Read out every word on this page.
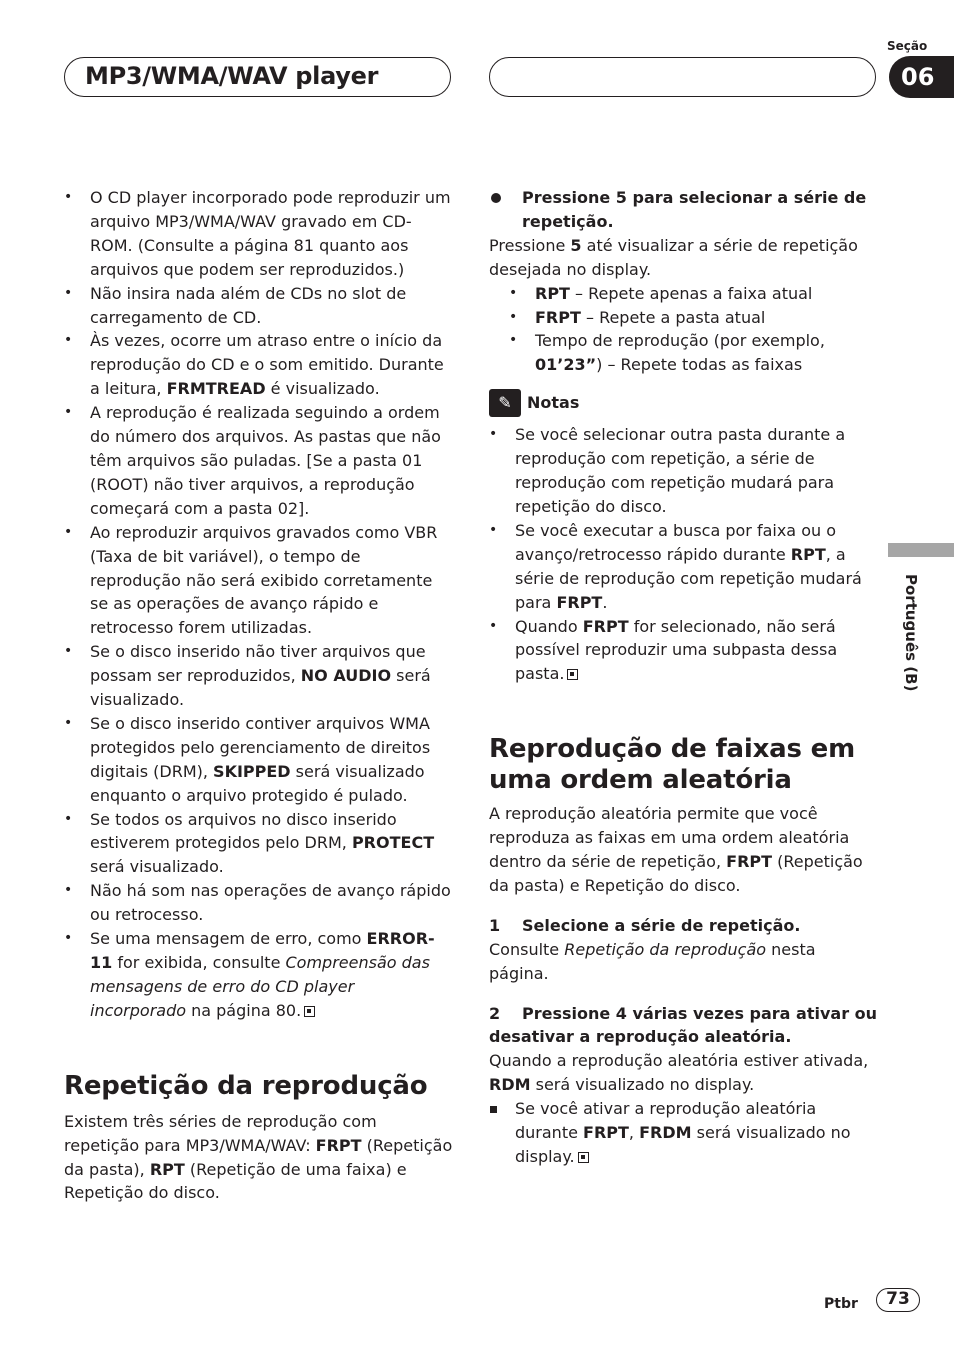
MP3/WMA/WAV player
Seção
06
Português (B)
• O CD player incorporado pode reproduzir um arquivo MP3/WMA/WAV gravado em CD-ROM. (Consulte a página 81 quanto aos arquivos que podem ser reproduzidos.)
• Não insira nada além de CDs no slot de carregamento de CD.
• Às vezes, ocorre um atraso entre o início da reprodução do CD e o som emitido. Durante a leitura, FRMTREAD é visualizado.
• A reprodução é realizada seguindo a ordem do número dos arquivos. As pastas que não têm arquivos são puladas. [Se a pasta 01 (ROOT) não tiver arquivos, a reprodução começará com a pasta 02].
• Ao reproduzir arquivos gravados como VBR (Taxa de bit variável), o tempo de reprodução não será exibido corretamente se as operações de avanço rápido e retrocesso forem utilizadas.
• Se o disco inserido não tiver arquivos que possam ser reproduzidos, NO AUDIO será visualizado.
• Se o disco inserido contiver arquivos WMA protegidos pelo gerenciamento de direitos digitais (DRM), SKIPPED será visualizado enquanto o arquivo protegido é pulado.
• Se todos os arquivos no disco inserido estiverem protegidos pelo DRM, PROTECT será visualizado.
• Não há som nas operações de avanço rápido ou retrocesso.
• Se uma mensagem de erro, como ERROR-11 for exibida, consulte Compreensão das mensagens de erro do CD player incorporado na página 80.
Repetição da reprodução

Existem três séries de reprodução com repetição para MP3/WMA/WAV: FRPT (Repetição da pasta), RPT (Repetição de uma faixa) e Repetição do disco.

Pressione 5 para selecionar a série de repetição.

Pressione 5 até visualizar a série de repetição desejada no display.

• RPT – Repete apenas a faixa atual
• FRPT – Repete a pasta atual
• Tempo de reprodução (por exemplo, 01’23”) – Repete todas as faixas
✎ Notas
• Se você selecionar outra pasta durante a reprodução com repetição, a série de reprodução com repetição mudará para repetição do disco.
• Se você executar a busca por faixa ou o avanço/retrocesso rápido durante RPT, a série de reprodução com repetição mudará para FRPT.
• Quando FRPT for selecionado, não será possível reproduzir uma subpasta dessa pasta.
Reprodução de faixas em uma ordem aleatória

A reprodução aleatória permite que você reproduza as faixas em uma ordem aleatória dentro da série de repetição, FRPT (Repetição da pasta) e Repetição do disco.

1 Selecione a série de repetição.

Consulte Repetição da reprodução nesta página.

2 Pressione 4 várias vezes para ativar ou desativar a reprodução aleatória.

Quando a reprodução aleatória estiver ativada, RDM será visualizado no display.

Se você ativar a reprodução aleatória durante FRPT, FRDM será visualizado no display.
Ptbr	73
